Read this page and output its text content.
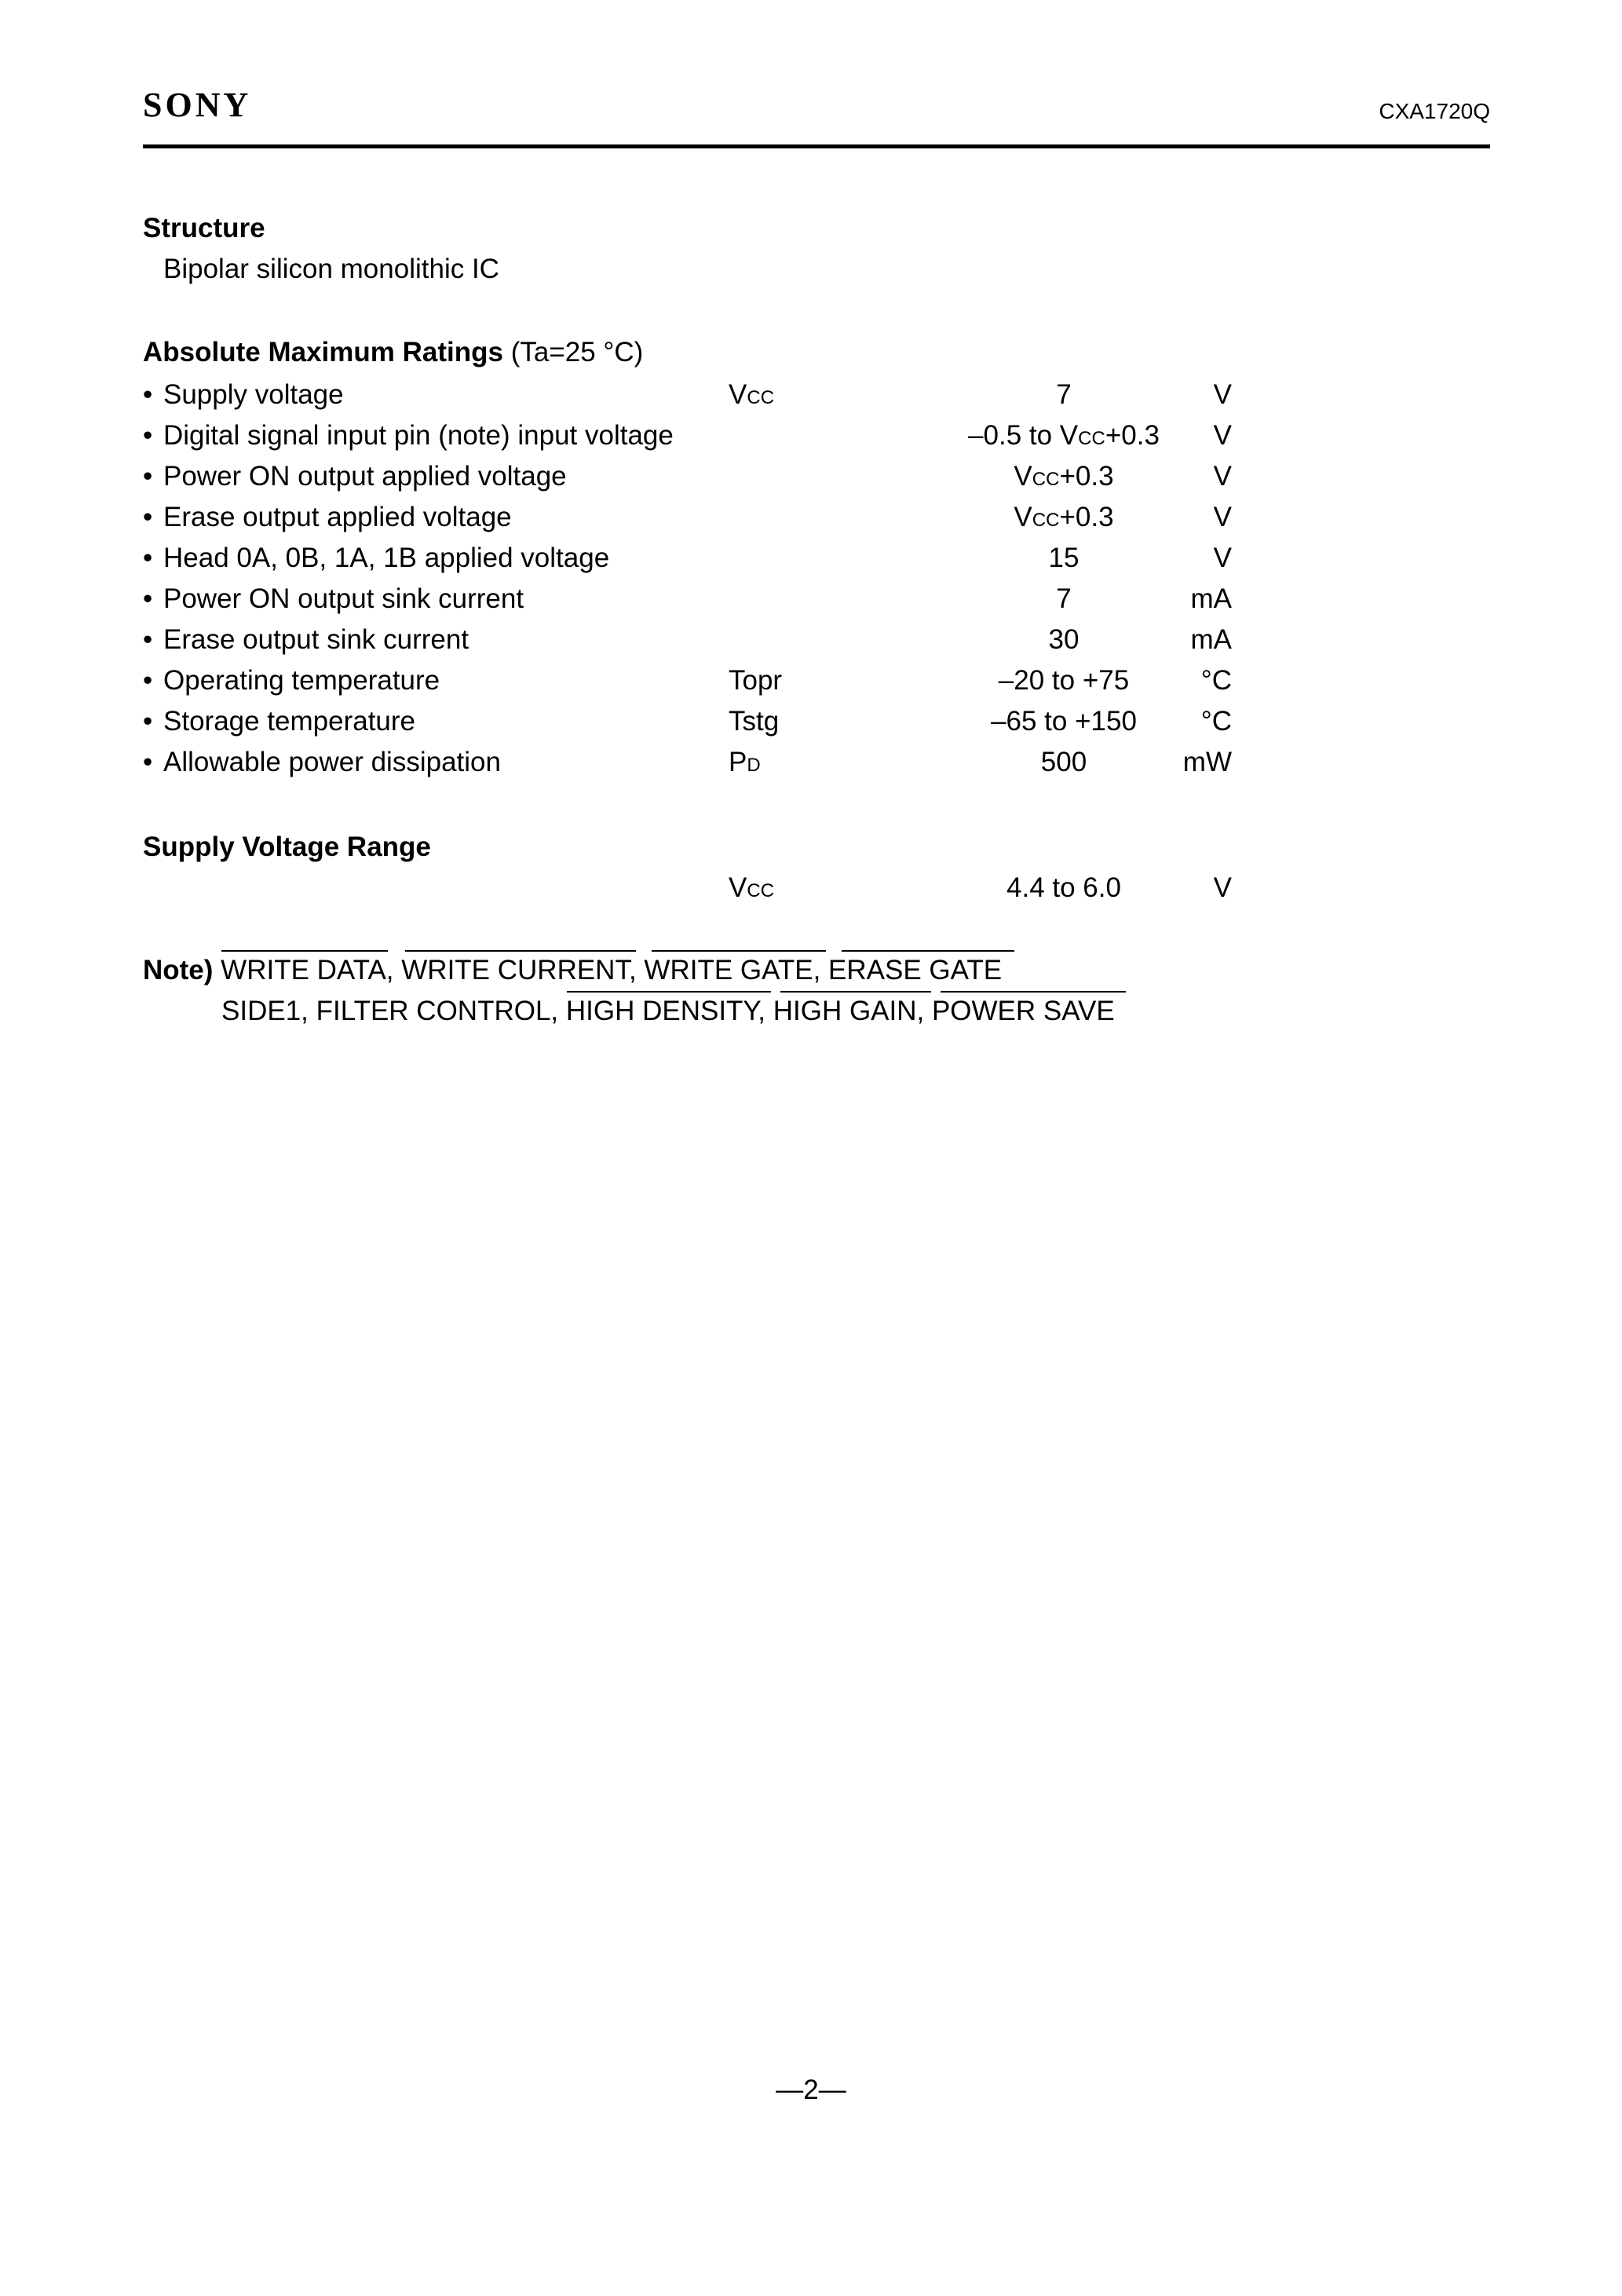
SONY	CXA1720Q
Structure
Bipolar silicon monolithic IC
Absolute Maximum Ratings (Ta=25 °C)
• Supply voltage	VCC	7	V
• Digital signal input pin (note) input voltage	–0.5 to VCC+0.3	V
• Power ON output applied voltage	VCC+0.3	V
• Erase output applied voltage	VCC+0.3	V
• Head 0A, 0B, 1A, 1B applied voltage	15	V
• Power ON output sink current	7	mA
• Erase output sink current	30	mA
• Operating temperature	Topr	–20 to +75	°C
• Storage temperature	Tstg	–65 to +150	°C
• Allowable power dissipation	PD	500	mW
Supply Voltage Range
VCC	4.4 to 6.0	V
Note) WRITE DATA, WRITE CURRENT, WRITE GATE, ERASE GATE
SIDE1, FILTER CONTROL, HIGH DENSITY, HIGH GAIN, POWER SAVE
—2—
